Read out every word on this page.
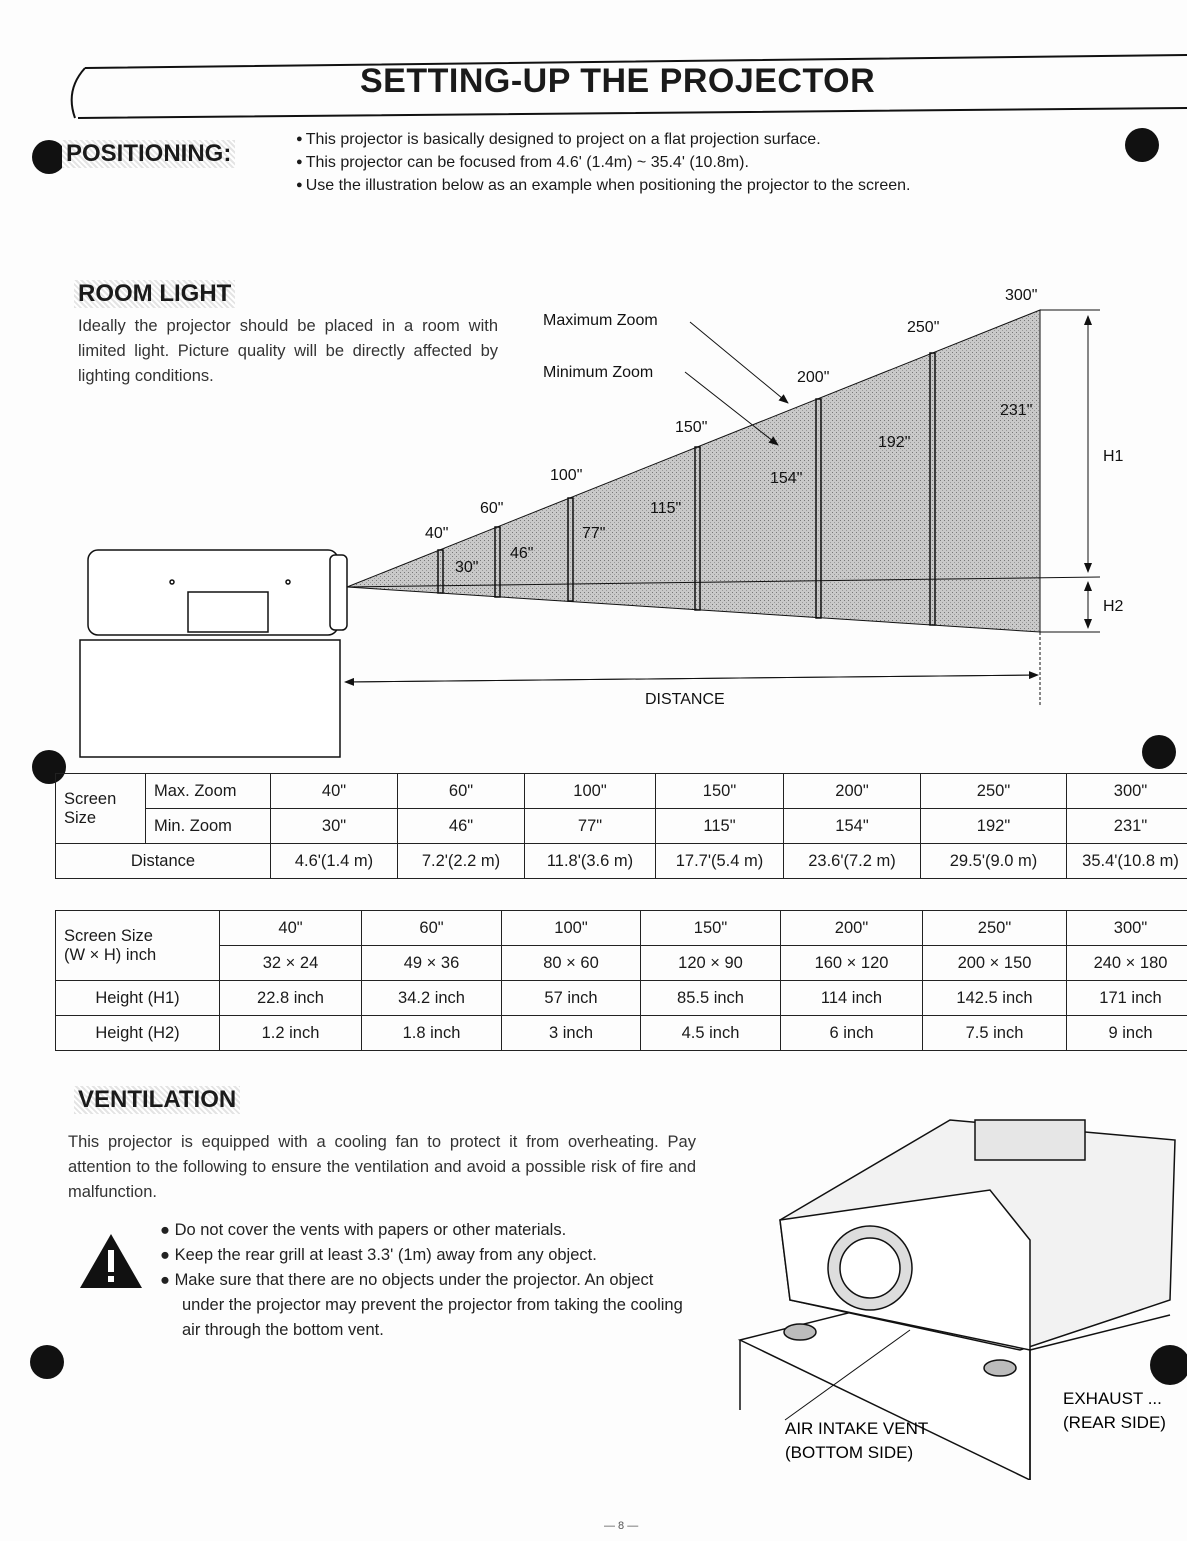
SETTING-UP THE PROJECTOR
POSITIONING:
● This projector is basically designed to project on a flat projection surface.
● This projector can be focused from 4.6' (1.4m) ~ 35.4' (10.8m).
● Use the illustration below as an example when positioning the projector to the screen.
ROOM LIGHT
Ideally the projector should be placed in a room with limited light. Picture quality will be directly affected by lighting conditions.
Maximum Zoom
Minimum Zoom
40"
60"
100"
150"
200"
250"
300"
30"
46"
77"
115"
154"
192"
231"
H1
H2
DISTANCE
Screen Size	Max. Zoom	40"	60"	100"	150"	200"	250"	300"
	Min. Zoom	30"	46"	77"	115"	154"	192"	231"
Distance		4.6'(1.4 m)	7.2'(2.2 m)	11.8'(3.6 m)	17.7'(5.4 m)	23.6'(7.2 m)	29.5'(9.0 m)	35.4'(10.8 m)
Screen Size
(W × H) inch	40"	60"	100"	150"	200"	250"	300"
	32 × 24	49 × 36	80 × 60	120 × 90	160 × 120	200 × 150	240 × 180
Height (H1)	22.8 inch	34.2 inch	57 inch	85.5 inch	114 inch	142.5 inch	171 inch
Height (H2)	1.2 inch	1.8 inch	3 inch	4.5 inch	6 inch	7.5 inch	9 inch
VENTILATION
This projector is equipped with a cooling fan to protect it from overheating. Pay attention to the following to ensure the ventilation and avoid a possible risk of fire and malfunction.
● Do not cover the vents with papers or other materials.
● Keep the rear grill at least 3.3' (1m) away from any object.
● Make sure that there are no objects under the projector. An object under the projector may prevent the projector from taking the cooling air through the bottom vent.
AIR INTAKE VENT
(BOTTOM SIDE)
EXHAUST ...
(REAR SIDE)
— 8 —
